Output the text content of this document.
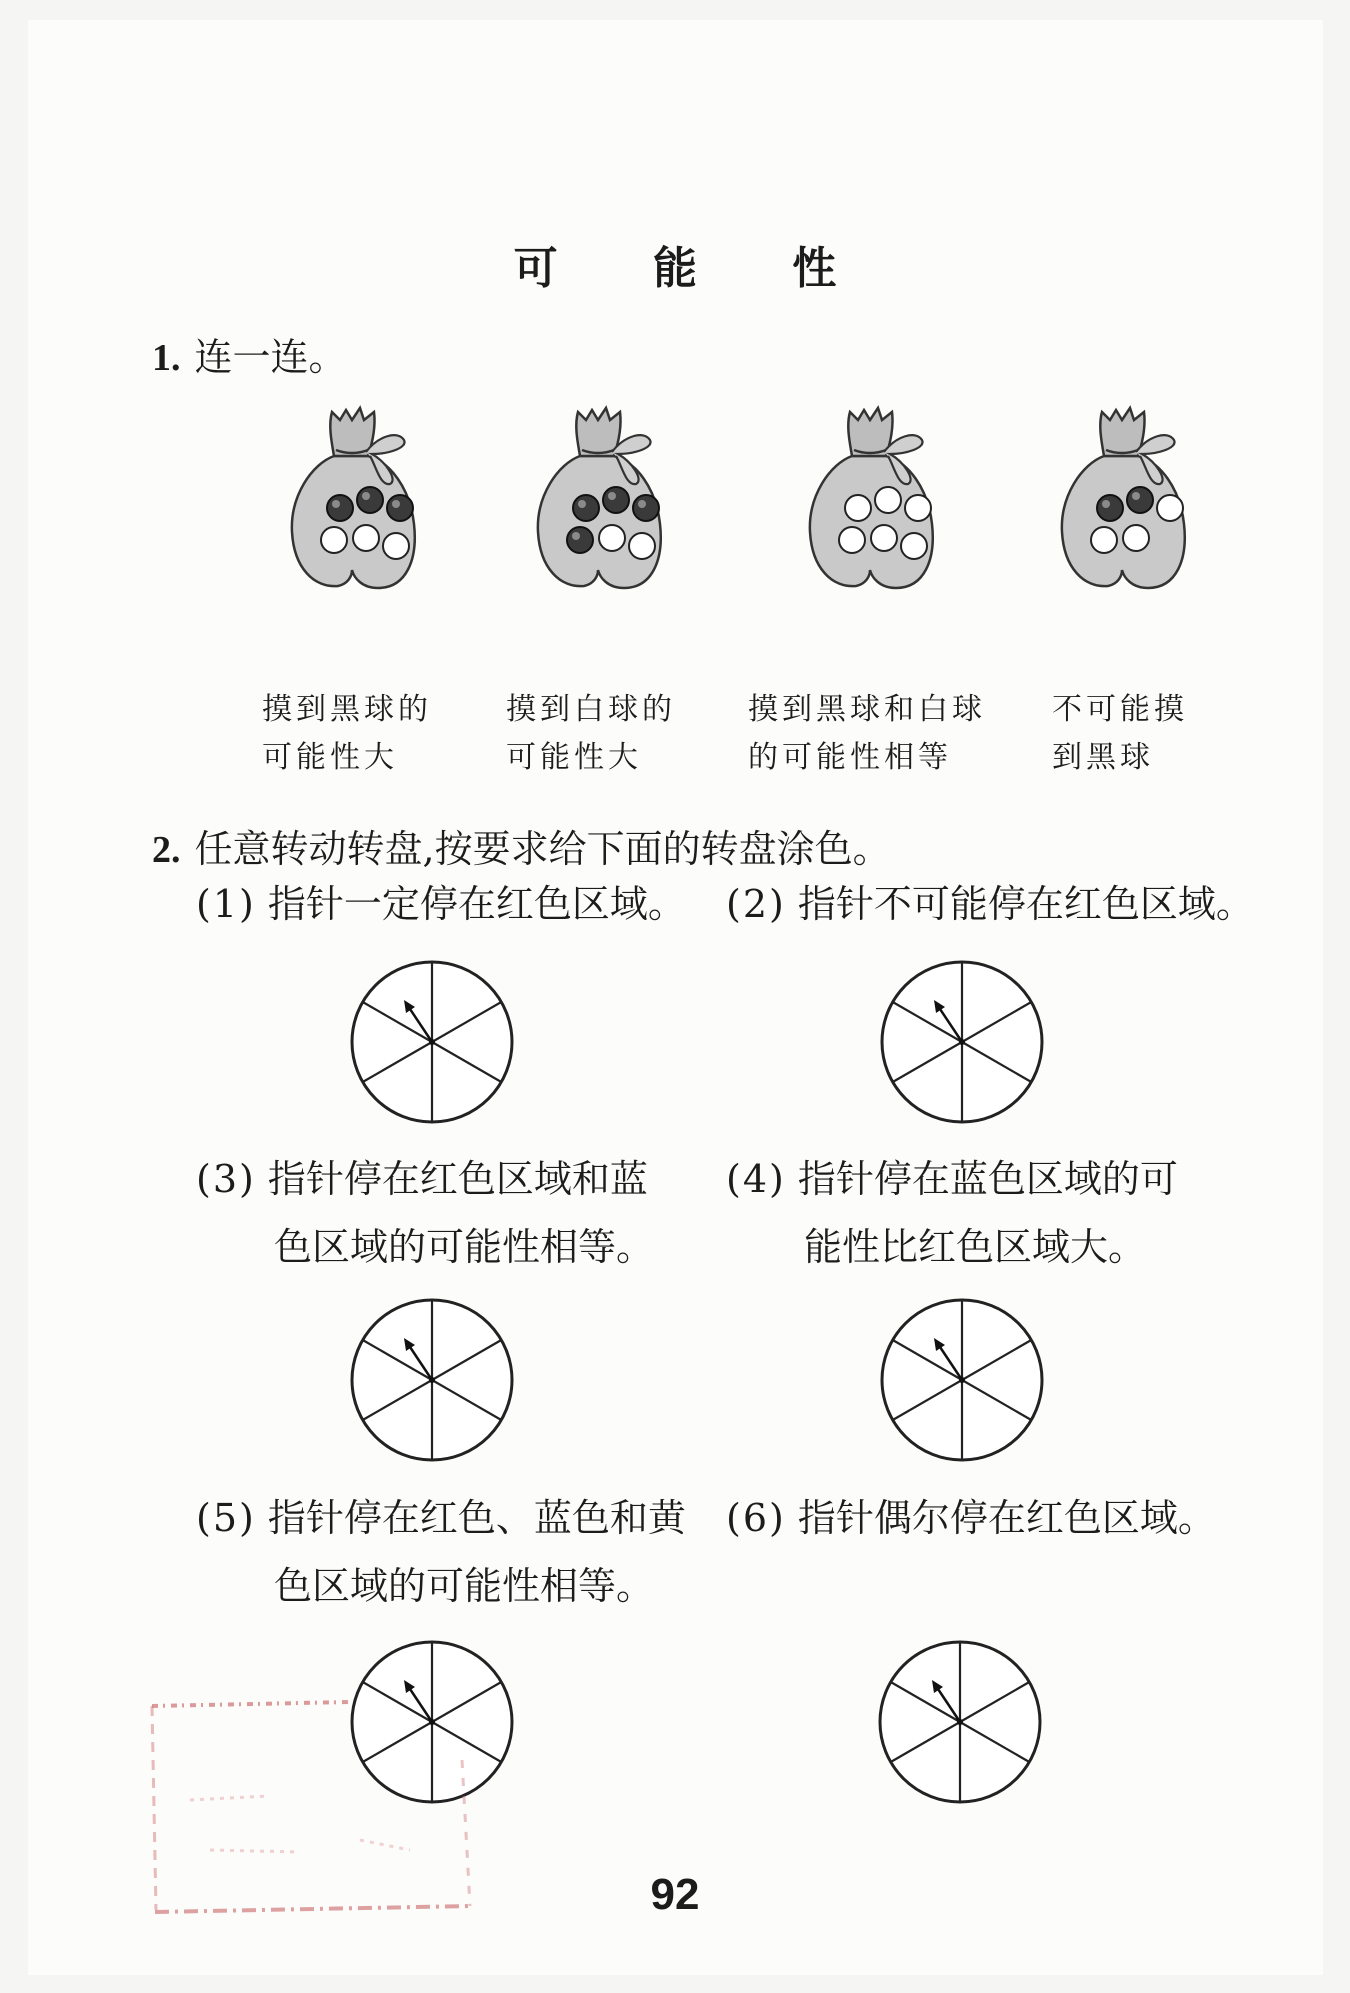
可 能 性
1. 连一连。
摸到黑球的
可能性大
摸到白球的
可能性大
摸到黑球和白球
的可能性相等
不可能摸
到黑球
2. 任意转动转盘,按要求给下面的转盘涂色。
(1) 指针一定停在红色区域。 (2) 指针不可能停在红色区域。
(3) 指针停在红色区域和蓝
色区域的可能性相等。
(4) 指针停在蓝色区域的可
能性比红色区域大。
(5) 指针停在红色、蓝色和黄
色区域的可能性相等。
(6) 指针偶尔停在红色区域。
92
